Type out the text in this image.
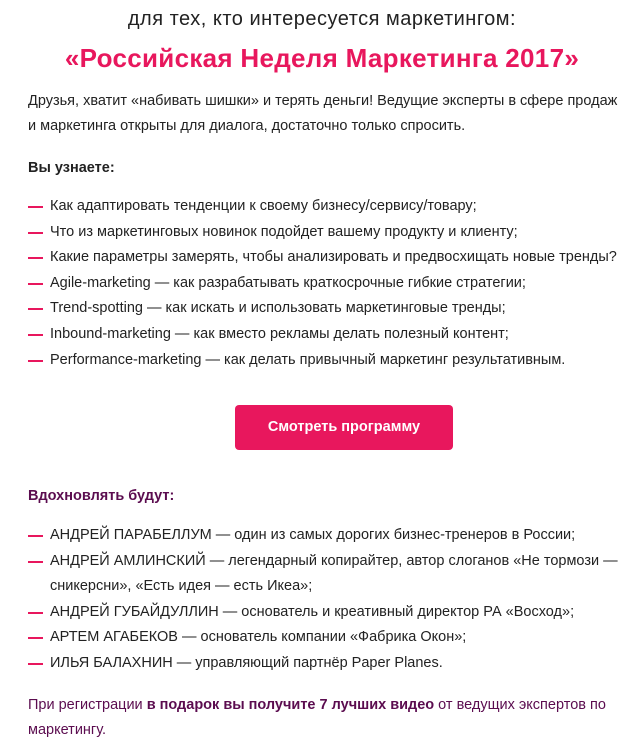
для тех, кто интересуется маркетингом:
«Российская Неделя Маркетинга 2017»
Друзья, хватит «набивать шишки» и терять деньги! Ведущие эксперты в сфере продаж и маркетинга открыты для диалога, достаточно только спросить.
Вы узнаете:
Как адаптировать тенденции к своему бизнесу/сервису/товару;
Что из маркетинговых новинок подойдет вашему продукту и клиенту;
Какие параметры замерять, чтобы анализировать и предвосхищать новые тренды?
Agile-marketing — как разрабатывать краткосрочные гибкие стратегии;
Trend-spotting — как искать и использовать маркетинговые тренды;
Inbound-marketing — как вместо рекламы делать полезный контент;
Performance-marketing — как делать привычный маркетинг результативным.
Смотреть программу
Вдохновлять будут:
АНДРЕЙ ПАРАБЕЛЛУМ — один из самых дорогих бизнес-тренеров в России;
АНДРЕЙ АМЛИНСКИЙ — легендарный копирайтер, автор слоганов «Не тормози — сникерсни», «Есть идея — есть Икеа»;
АНДРЕЙ ГУБАЙДУЛЛИН — основатель и креативный директор РА «Восход»;
АРТЕМ АГАБЕКОВ — основатель компании «Фабрика Окон»;
ИЛЬЯ БАЛАХНИН — управляющий партнёр Paper Planes.
При регистрации в подарок вы получите 7 лучших видео от ведущих экспертов по маркетингу.
